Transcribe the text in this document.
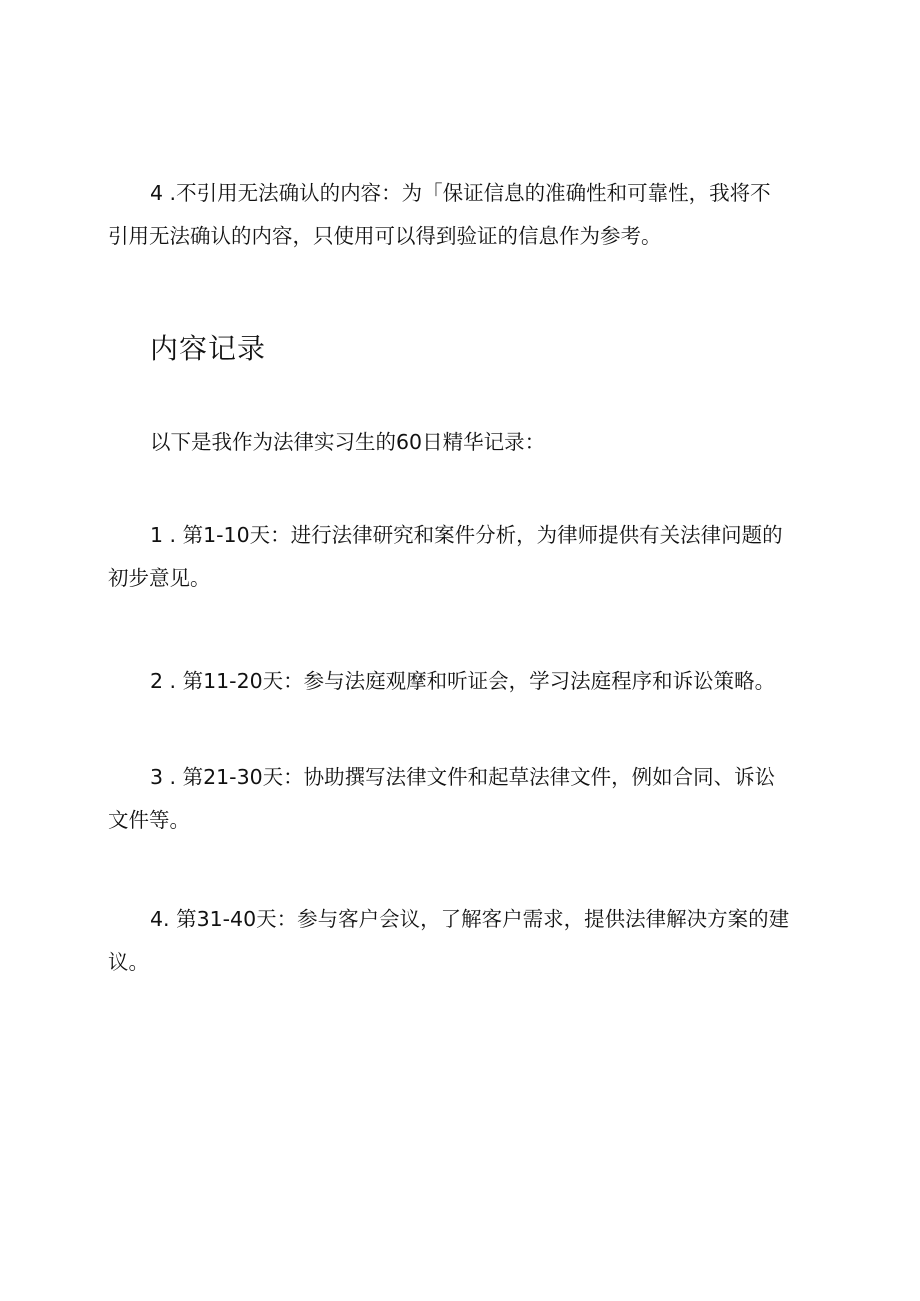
4 .不引用无法确认的内容：为「保证信息的准确性和可靠性，我将不
引用无法确认的内容，只使用可以得到验证的信息作为参考。

内容记录

以下是我作为法律实习生的60日精华记录：

1 . 第1-10天：进行法律研究和案件分析，为律师提供有关法律问题的
初步意见。

2 . 第11-20天：参与法庭观摩和听证会，学习法庭程序和诉讼策略。

3 . 第21-30天：协助撰写法律文件和起草法律文件，例如合同、诉讼
文件等。

4. 第31-40天：参与客户会议，了解客户需求，提供法律解决方案的建
议。
